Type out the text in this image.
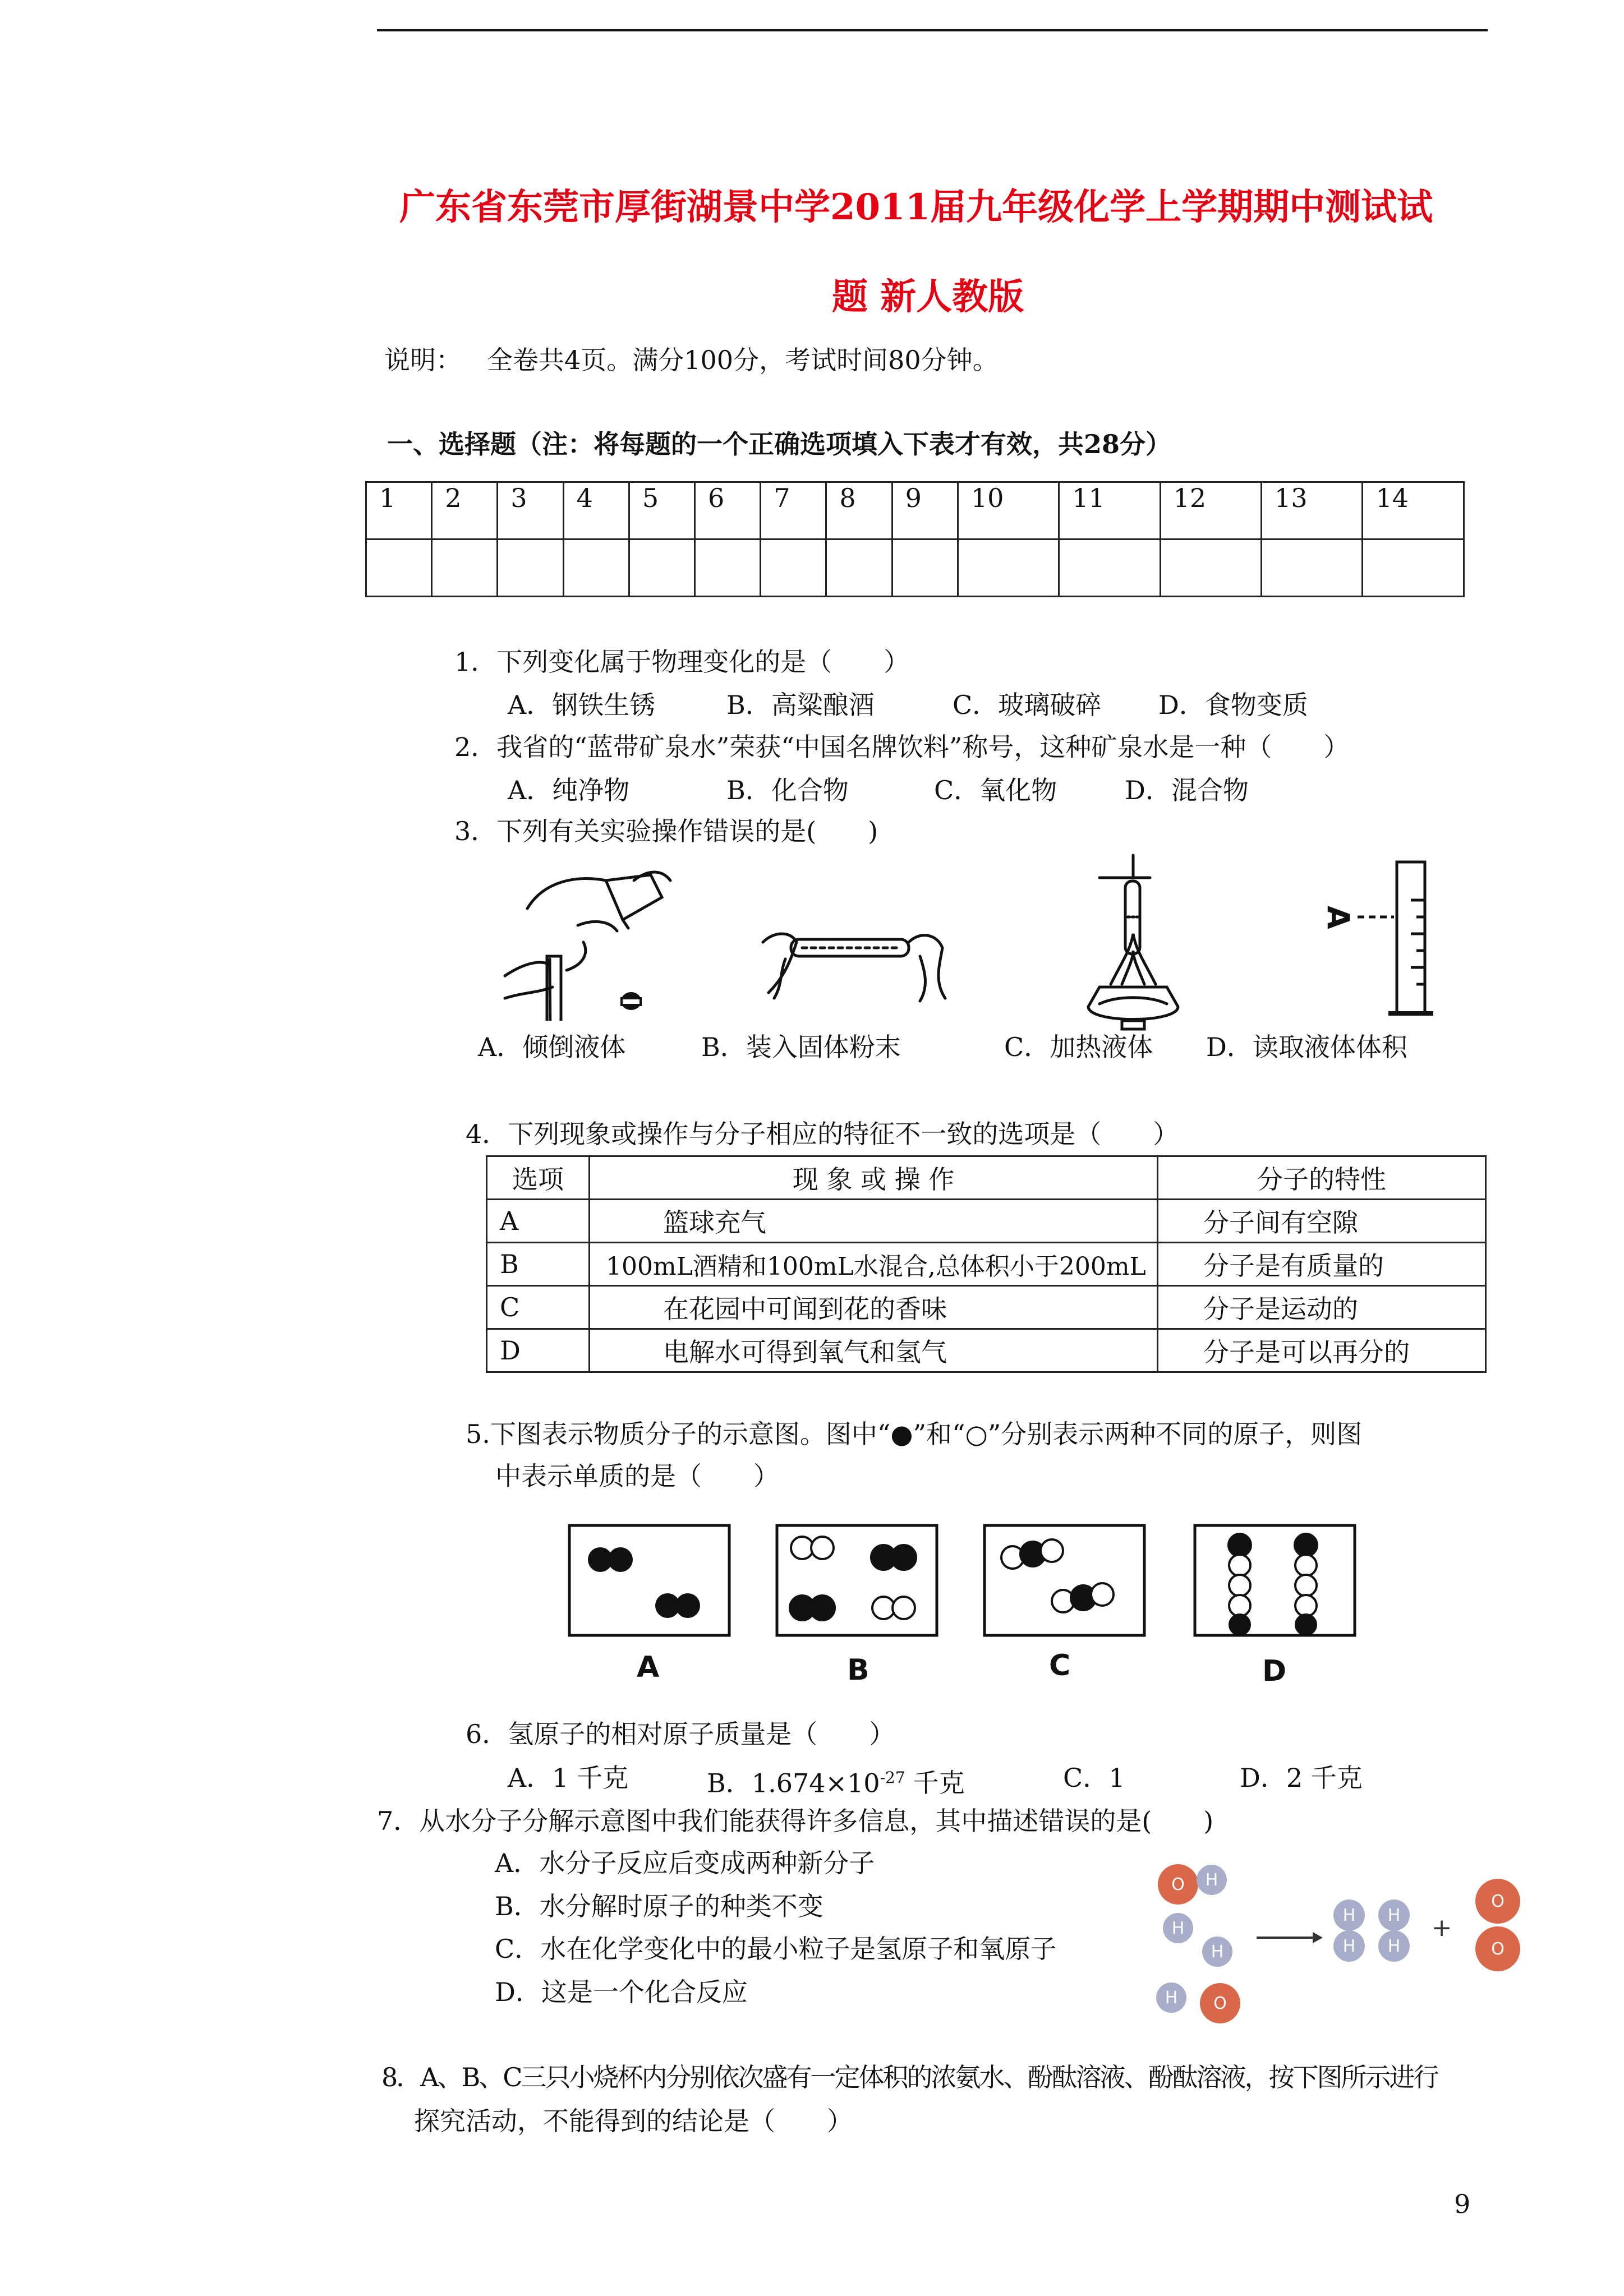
广东省东莞市厚街湖景中学2011届九年级化学上学期期中测试试
题 新人教版
说明： 全卷共4页。满分100分，考试时间80分钟。
一、选择题（注：将每题的一个正确选项填入下表才有效，共28分）
1	2	3	4	5	6	7	8	9	10	11	12	13	14

1．下列变化属于物理变化的是（　　）
A．钢铁生锈	B．高粱酿酒	C．玻璃破碎 D．食物变质
2．我省的“蓝带矿泉水”荣获“中国名牌饮料”称号，这种矿泉水是一种（　　）
A．纯净物	B．化合物	C．氧化物	D．混合物
3．下列有关实验操作错误的是(　　)
A
A．倾倒液体	B．装入固体粉末	C．加热液体 D．读取液体体积
4．下列现象或操作与分子相应的特征不一致的选项是（　　）
选项	现 象 或 操 作	分子的特性
A	篮球充气	分子间有空隙
B	100mL酒精和100mL水混合,总体积小于200mL	分子是有质量的
C	在花园中可闻到花的香味	分子是运动的
D	电解水可得到氧气和氢气	分子是可以再分的
5.下图表示物质分子的示意图。图中“●”和“○”分别表示两种不同的原子，则图
中表示单质的是（　　）
A	B	C	D
6．氢原子的相对原子质量是（　　）
A．1 千克	B．$1.674\times 10^{-27}$ 千克	C．1	D．2 千克
7．从水分子分解示意图中我们能获得许多信息，其中描述错误的是(　　)
A．水分子反应后变成两种新分子
B．水分解时原子的种类不变
C．水在化学变化中的最小粒子是氢原子和氧原子
D．这是一个化合反应
O H
H
H
H O
H
H
H
H
+
O
O
8．A、B、C三只小烧杯内分别依次盛有一定体积的浓氨水、酚酞溶液、酚酞溶液，按下图所示进行
探究活动，不能得到的结论是（　　）
9
